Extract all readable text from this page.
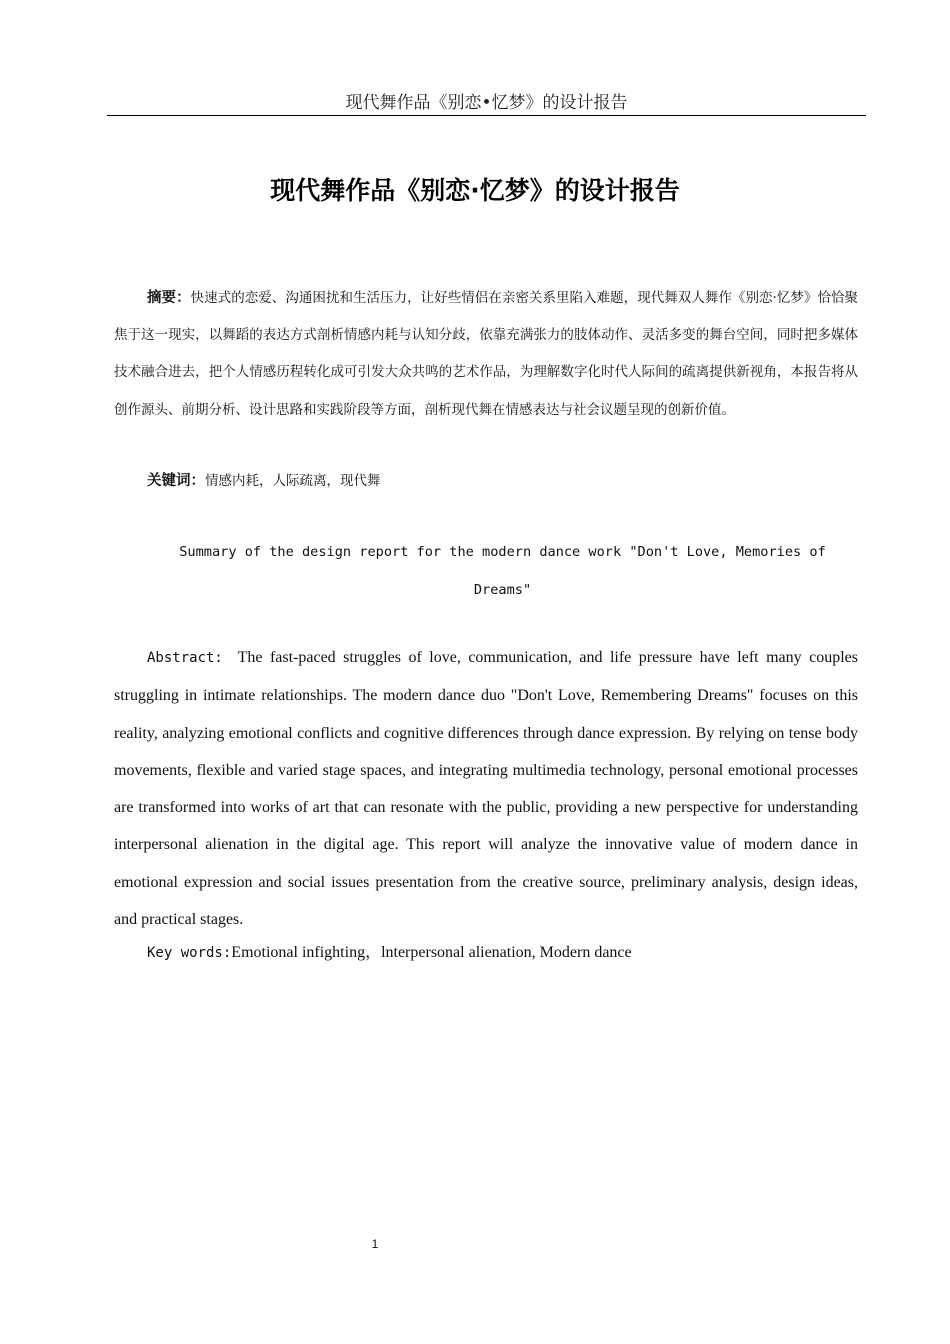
现代舞作品《别恋•忆梦》的设计报告
现代舞作品《别恋·忆梦》的设计报告

摘要：快速式的恋爱、沟通困扰和生活压力，让好些情侣在亲密关系里陷入难题，现代舞双人舞作《别恋·忆梦》恰恰聚焦于这一现实，以舞蹈的表达方式剖析情感内耗与认知分歧，依靠充满张力的肢体动作、灵活多变的舞台空间，同时把多媒体技术融合进去，把个人情感历程转化成可引发大众共鸣的艺术作品，为理解数字化时代人际间的疏离提供新视角，本报告将从创作源头、前期分析、设计思路和实践阶段等方面，剖析现代舞在情感表达与社会议题呈现的创新价值。

关键词：情感内耗，人际疏离，现代舞

Summary of the design report for the modern dance work "Don't Love, Memories of Dreams"

Abstract: The fast-paced struggles of love, communication, and life pressure have left many couples struggling in intimate relationships. The modern dance duo "Don't Love, Remembering Dreams" focuses on this reality, analyzing emotional conflicts and cognitive differences through dance expression. By relying on tense body movements, flexible and varied stage spaces, and integrating multimedia technology, personal emotional processes are transformed into works of art that can resonate with the public, providing a new perspective for understanding interpersonal alienation in the digital age. This report will analyze the innovative value of modern dance in emotional expression and social issues presentation from the creative source, preliminary analysis, design ideas, and practical stages.

Key words:Emotional infighting，lnterpersonal alienation, Modern dance

1
